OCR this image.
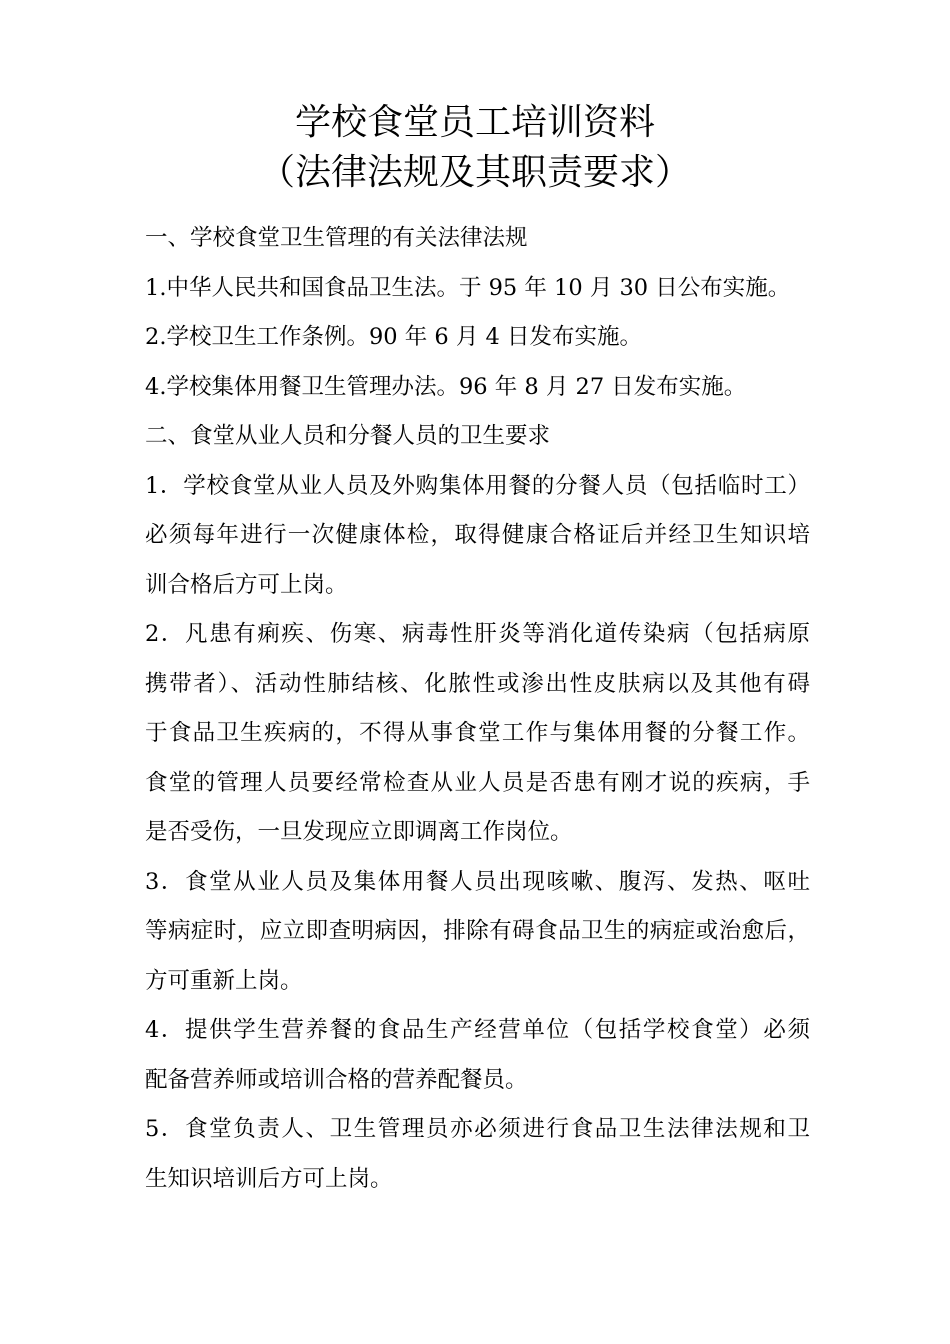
学校食堂员工培训资料
（法律法规及其职责要求）
一、学校食堂卫生管理的有关法律法规
1.中华人民共和国食品卫生法。于 95 年 10 月 30 日公布实施。
2.学校卫生工作条例。90 年 6 月 4 日发布实施。
4.学校集体用餐卫生管理办法。96 年 8 月 27 日发布实施。
二、食堂从业人员和分餐人员的卫生要求
1．学校食堂从业人员及外购集体用餐的分餐人员（包括临时工）
必须每年进行一次健康体检，取得健康合格证后并经卫生知识培
训合格后方可上岗。
2．凡患有痢疾、伤寒、病毒性肝炎等消化道传染病（包括病原
携带者）、活动性肺结核、化脓性或渗出性皮肤病以及其他有碍
于食品卫生疾病的，不得从事食堂工作与集体用餐的分餐工作。
食堂的管理人员要经常检查从业人员是否患有刚才说的疾病，手
是否受伤，一旦发现应立即调离工作岗位。
3．食堂从业人员及集体用餐人员出现咳嗽、腹泻、发热、呕吐
等病症时，应立即查明病因，排除有碍食品卫生的病症或治愈后，
方可重新上岗。
4．提供学生营养餐的食品生产经营单位（包括学校食堂）必须
配备营养师或培训合格的营养配餐员。
5．食堂负责人、卫生管理员亦必须进行食品卫生法律法规和卫
生知识培训后方可上岗。
